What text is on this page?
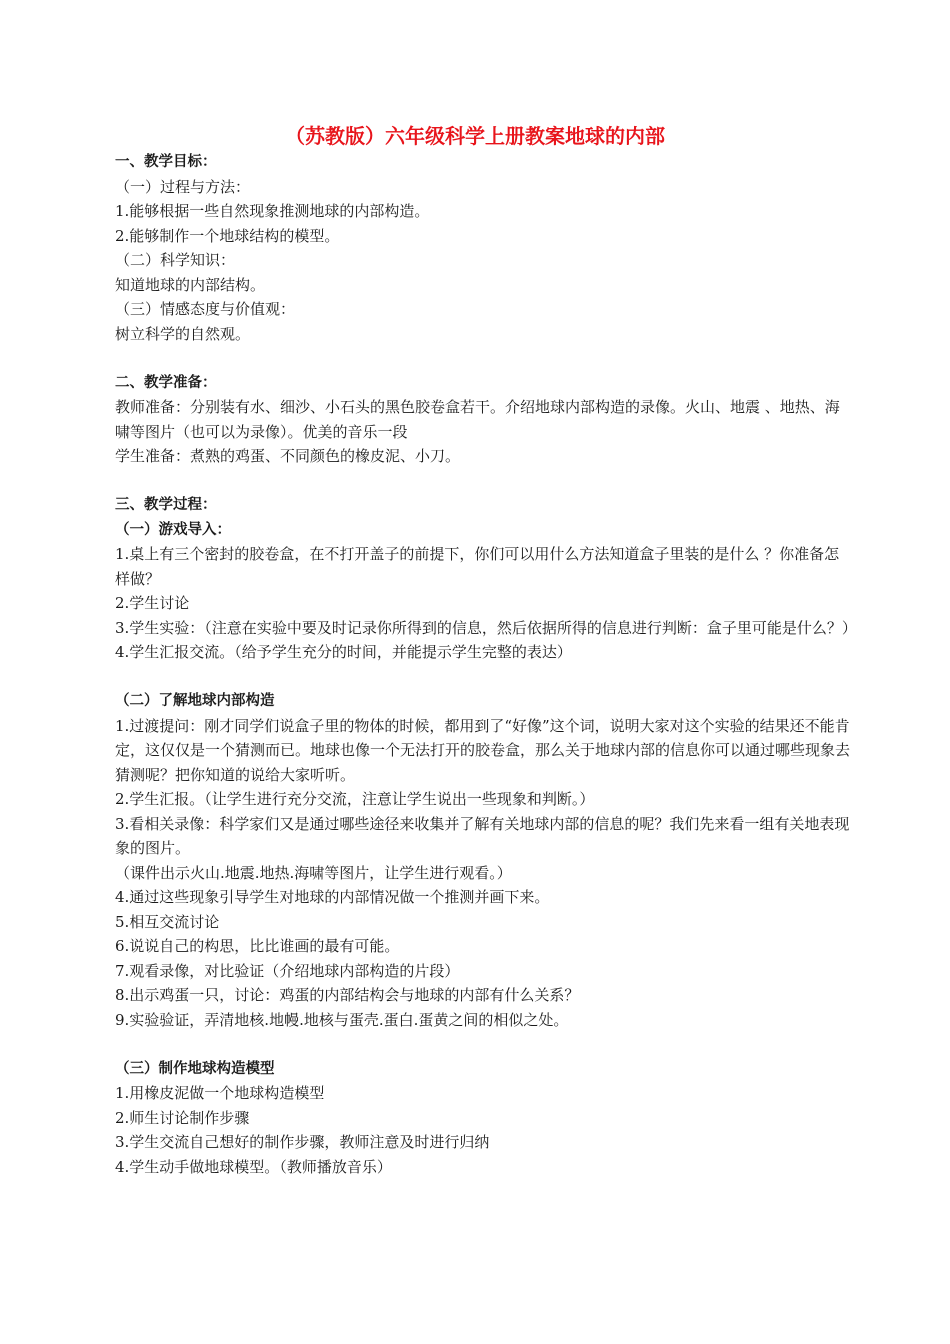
（苏教版）六年级科学上册教案地球的内部

一、教学目标：

（一）过程与方法：

1.能够根据一些自然现象推测地球的内部构造。

2.能够制作一个地球结构的模型。

（二）科学知识：

知道地球的内部结构。

（三）情感态度与价值观：

树立科学的自然观。

二、教学准备：

教师准备：分别装有水、细沙、小石头的黑色胶卷盒若干。介绍地球内部构造的录像。火山、地震 、地热、海啸等图片（也可以为录像）。优美的音乐一段

学生准备：煮熟的鸡蛋、不同颜色的橡皮泥、小刀。

三、教学过程：

（一）游戏导入：

1.桌上有三个密封的胶卷盒，在不打开盖子的前提下，你们可以用什么方法知道盒子里装的是什么 ？你准备怎样做？

2.学生讨论

3.学生实验：（注意在实验中要及时记录你所得到的信息，然后依据所得的信息进行判断：盒子里可能是什么？）

4.学生汇报交流。（给予学生充分的时间，并能提示学生完整的表达）

（二）了解地球内部构造

1.过渡提问：刚才同学们说盒子里的物体的时候，都用到了“好像”这个词，说明大家对这个实验的结果还不能肯定，这仅仅是一个猜测而已。地球也像一个无法打开的胶卷盒，那么关于地球内部的信息你可以通过哪些现象去猜测呢？把你知道的说给大家听听。

2.学生汇报。（让学生进行充分交流，注意让学生说出一些现象和判断。）

3.看相关录像：科学家们又是通过哪些途径来收集并了解有关地球内部的信息的呢？我们先来看一组有关地表现象的图片。

（课件出示火山.地震.地热.海啸等图片，让学生进行观看。）

4.通过这些现象引导学生对地球的内部情况做一个推测并画下来。

5.相互交流讨论

6.说说自己的构思，比比谁画的最有可能。

7.观看录像，对比验证（介绍地球内部构造的片段）

8.出示鸡蛋一只，讨论：鸡蛋的内部结构会与地球的内部有什么关系？

9.实验验证，弄清地核.地幔.地核与蛋壳.蛋白.蛋黄之间的相似之处。

（三）制作地球构造模型

1.用橡皮泥做一个地球构造模型

2.师生讨论制作步骤

3.学生交流自己想好的制作步骤，教师注意及时进行归纳

4.学生动手做地球模型。（教师播放音乐）
